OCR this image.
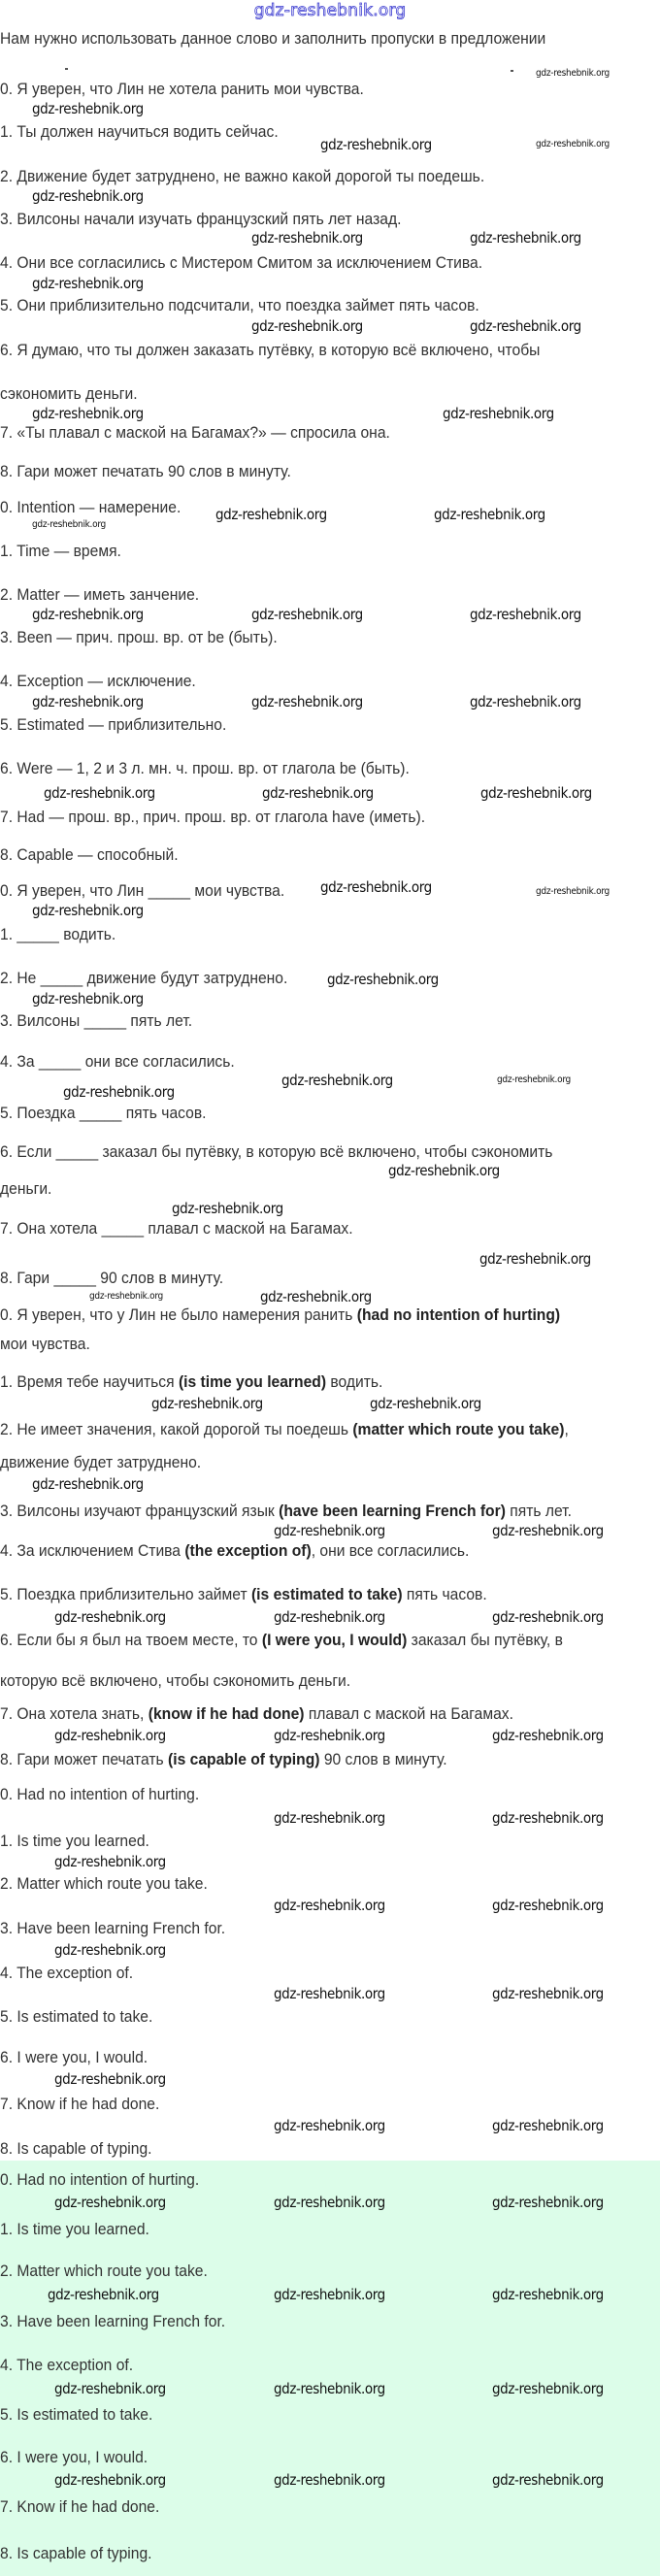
gdz-reshebnik.org
Нам нужно использовать данное слово и заполнить пропуски в предложении
0. Я уверен, что Лин не хотела ранить мои чувства.
1. Ты должен научиться водить сейчас.
2. Движение будет затруднено, не важно какой дорогой ты поедешь.
3. Вилсоны начали изучать французский пять лет назад.
4. Они все согласились с Мистером Смитом за исключением Стива.
5. Они приблизительно подсчитали, что поездка займет пять часов.
6. Я думаю, что ты должен заказать путёвку, в которую всё включено, чтобы
сэкономить деньги.
7. «Ты плавал с маской на Багамах?» — спросила она.
8. Гари может печатать 90 слов в минуту.
0. Intention — намерение.
1. Time — время.
2. Matter — иметь занчение.
3. Been — прич. прош. вр. от be (быть).
4. Exception — исключение.
5. Estimated — приблизительно.
6. Were — 1, 2 и 3 л. мн. ч. прош. вр. от глагола be (быть).
7. Had — прош. вр., прич. прош. вр. от глагола have (иметь).
8. Capable — способный.
0. Я уверен, что Лин _____ мои чувства.
1. _____ водить.
2. Не _____ движение будут затруднено.
3. Вилсоны _____ пять лет.
4. За _____ они все согласились.
5. Поездка _____ пять часов.
6. Если _____ заказал бы путёвку, в которую всё включено, чтобы сэкономить
деньги.
7. Она хотела _____ плавал с маской на Багамах.
8. Гари _____ 90 слов в минуту.
0. Я уверен, что у Лин не было намерения ранить (had no intention of hurting)
мои чувства.
1. Время тебе научиться (is time you learned) водить.
2. Не имеет значения, какой дорогой ты поедешь (matter which route you take),
движение будет затруднено.
3. Вилсоны изучают французский язык (have been learning French for) пять лет.
4. За исключением Стива (the exception of), они все согласились.
5. Поездка приблизительно займет (is estimated to take) пять часов.
6. Если бы я был на твоем месте, то (I were you, I would) заказал бы путёвку, в
которую всё включено, чтобы сэкономить деньги.
7. Она хотела знать, (know if he had done) плавал с маской на Багамах.
8. Гари может печатать (is capable of typing) 90 слов в минуту.
0. Had no intention of hurting.
1. Is time you learned.
2. Matter which route you take.
3. Have been learning French for.
4. The exception of.
5. Is estimated to take.
6. I were you, I would.
7. Know if he had done.
8. Is capable of typing.
0. Had no intention of hurting.
1. Is time you learned.
2. Matter which route you take.
3. Have been learning French for.
4. The exception of.
5. Is estimated to take.
6. I were you, I would.
7. Know if he had done.
8. Is capable of typing.
gdz-reshebnik.org
gdz-reshebnik.org
gdz-reshebnik.org	gdz-reshebnik.org
gdz-reshebnik.org
gdz-reshebnik.org	gdz-reshebnik.org
gdz-reshebnik.org
gdz-reshebnik.org	gdz-reshebnik.org
gdz-reshebnik.org	gdz-reshebnik.org
gdz-reshebnik.org	gdz-reshebnik.org
gdz-reshebnik.org
gdz-reshebnik.org	gdz-reshebnik.org	gdz-reshebnik.org
gdz-reshebnik.org	gdz-reshebnik.org	gdz-reshebnik.org
gdz-reshebnik.org	gdz-reshebnik.org	gdz-reshebnik.org
gdz-reshebnik.org	gdz-reshebnik.org
gdz-reshebnik.org
gdz-reshebnik.org
gdz-reshebnik.org
gdz-reshebnik.org	gdz-reshebnik.org
gdz-reshebnik.org
gdz-reshebnik.org
gdz-reshebnik.org
gdz-reshebnik.org
gdz-reshebnik.org	gdz-reshebnik.org
gdz-reshebnik.org	gdz-reshebnik.org
gdz-reshebnik.org
gdz-reshebnik.org	gdz-reshebnik.org
gdz-reshebnik.org	gdz-reshebnik.org	gdz-reshebnik.org
gdz-reshebnik.org	gdz-reshebnik.org	gdz-reshebnik.org
gdz-reshebnik.org	gdz-reshebnik.org
gdz-reshebnik.org
gdz-reshebnik.org	gdz-reshebnik.org
gdz-reshebnik.org
gdz-reshebnik.org	gdz-reshebnik.org
gdz-reshebnik.org
gdz-reshebnik.org	gdz-reshebnik.org
gdz-reshebnik.org	gdz-reshebnik.org	gdz-reshebnik.org
gdz-reshebnik.org	gdz-reshebnik.org	gdz-reshebnik.org
gdz-reshebnik.org	gdz-reshebnik.org	gdz-reshebnik.org
gdz-reshebnik.org	gdz-reshebnik.org	gdz-reshebnik.org
